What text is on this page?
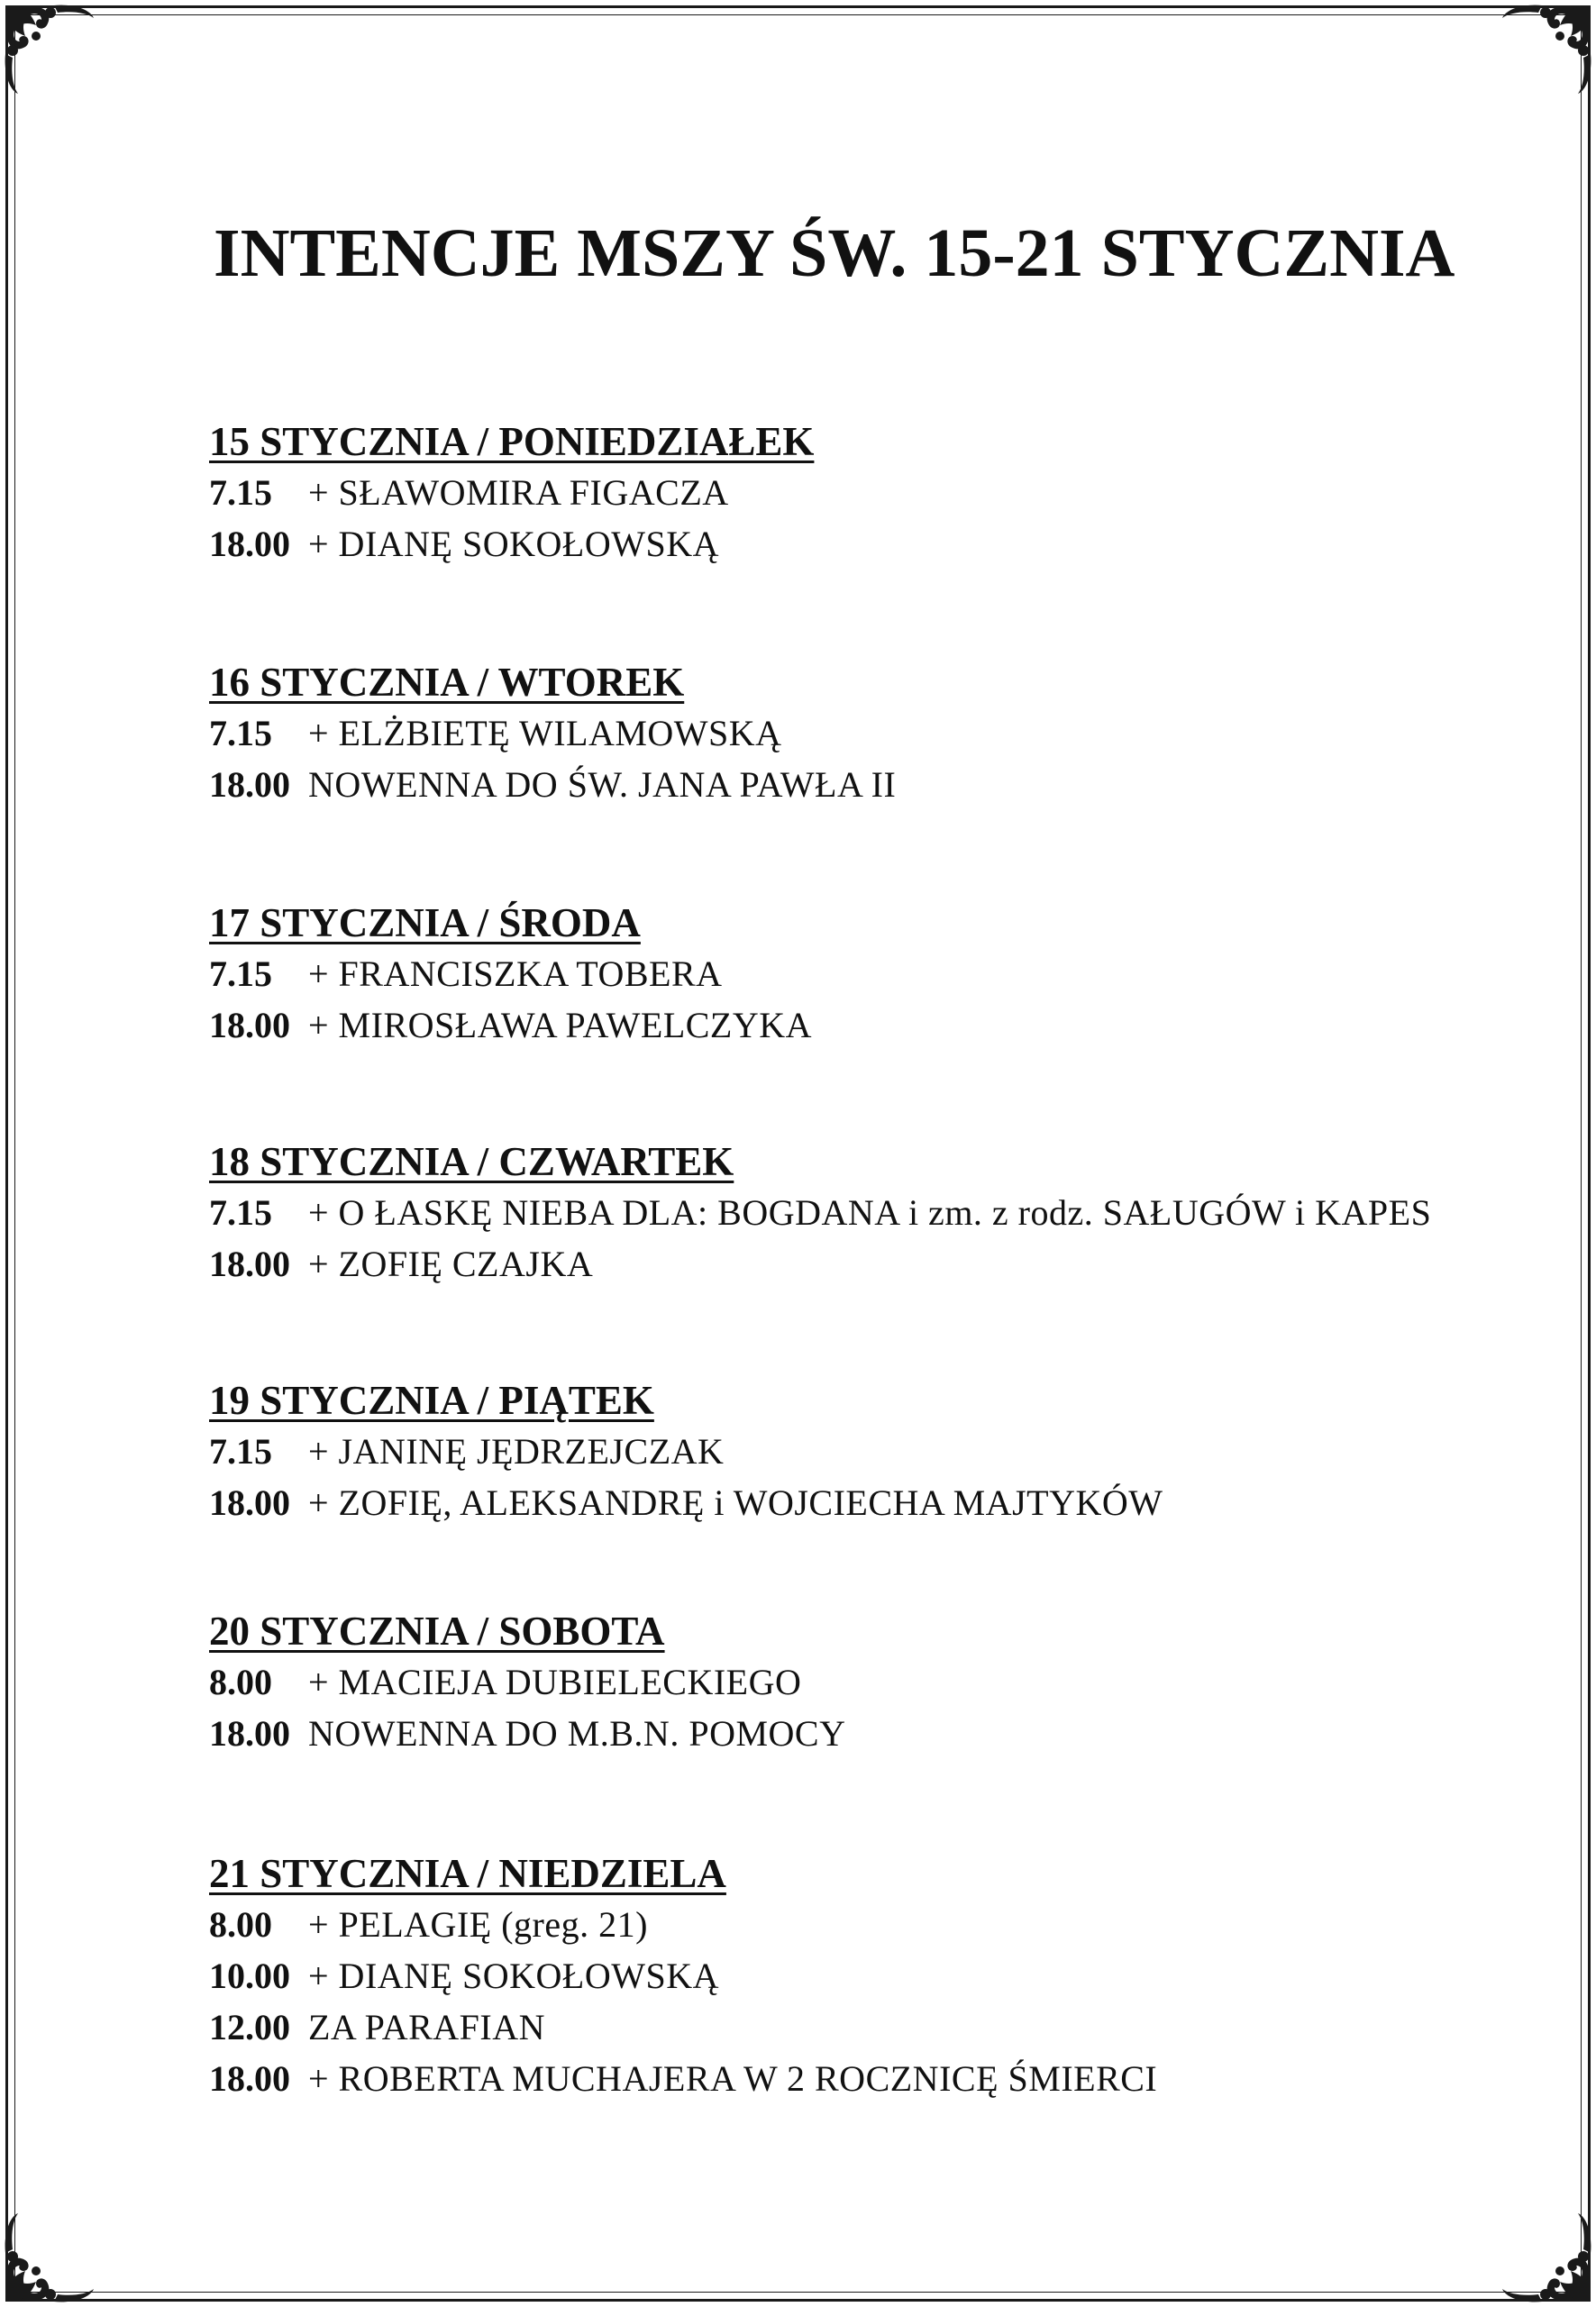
INTENCJE MSZY ŚW. 15-21 STYCZNIA
15 STYCZNIA / PONIEDZIAŁEK
7.15	+ SŁAWOMIRA FIGACZA
18.00 + DIANĘ SOKOŁOWSKĄ
16 STYCZNIA / WTOREK
7.15	+ ELŻBIETĘ WILAMOWSKĄ
18.00 NOWENNA DO ŚW. JANA PAWŁA II
17 STYCZNIA / ŚRODA
7.15	+ FRANCISZKA TOBERA
18.00 + MIROSŁAWA PAWELCZYKA
18 STYCZNIA / CZWARTEK
7.15	+ O ŁASKĘ NIEBA DLA: BOGDANA i zm. z rodz. SAŁUGÓW i KAPES
18.00 + ZOFIĘ CZAJKA
19 STYCZNIA / PIĄTEK
7.15	+ JANINĘ JĘDRZEJCZAK
18.00 + ZOFIĘ, ALEKSANDRĘ i WOJCIECHA MAJTYKÓW
20 STYCZNIA / SOBOTA
8.00	+ MACIEJA DUBIELECKIEGO
18.00 NOWENNA DO M.B.N. POMOCY
21 STYCZNIA / NIEDZIELA
8.00	+ PELAGIĘ (greg. 21)
10.00 + DIANĘ SOKOŁOWSKĄ
12.00 ZA PARAFIAN
18.00 + ROBERTA MUCHAJERA W 2 ROCZNICĘ ŚMIERCI
